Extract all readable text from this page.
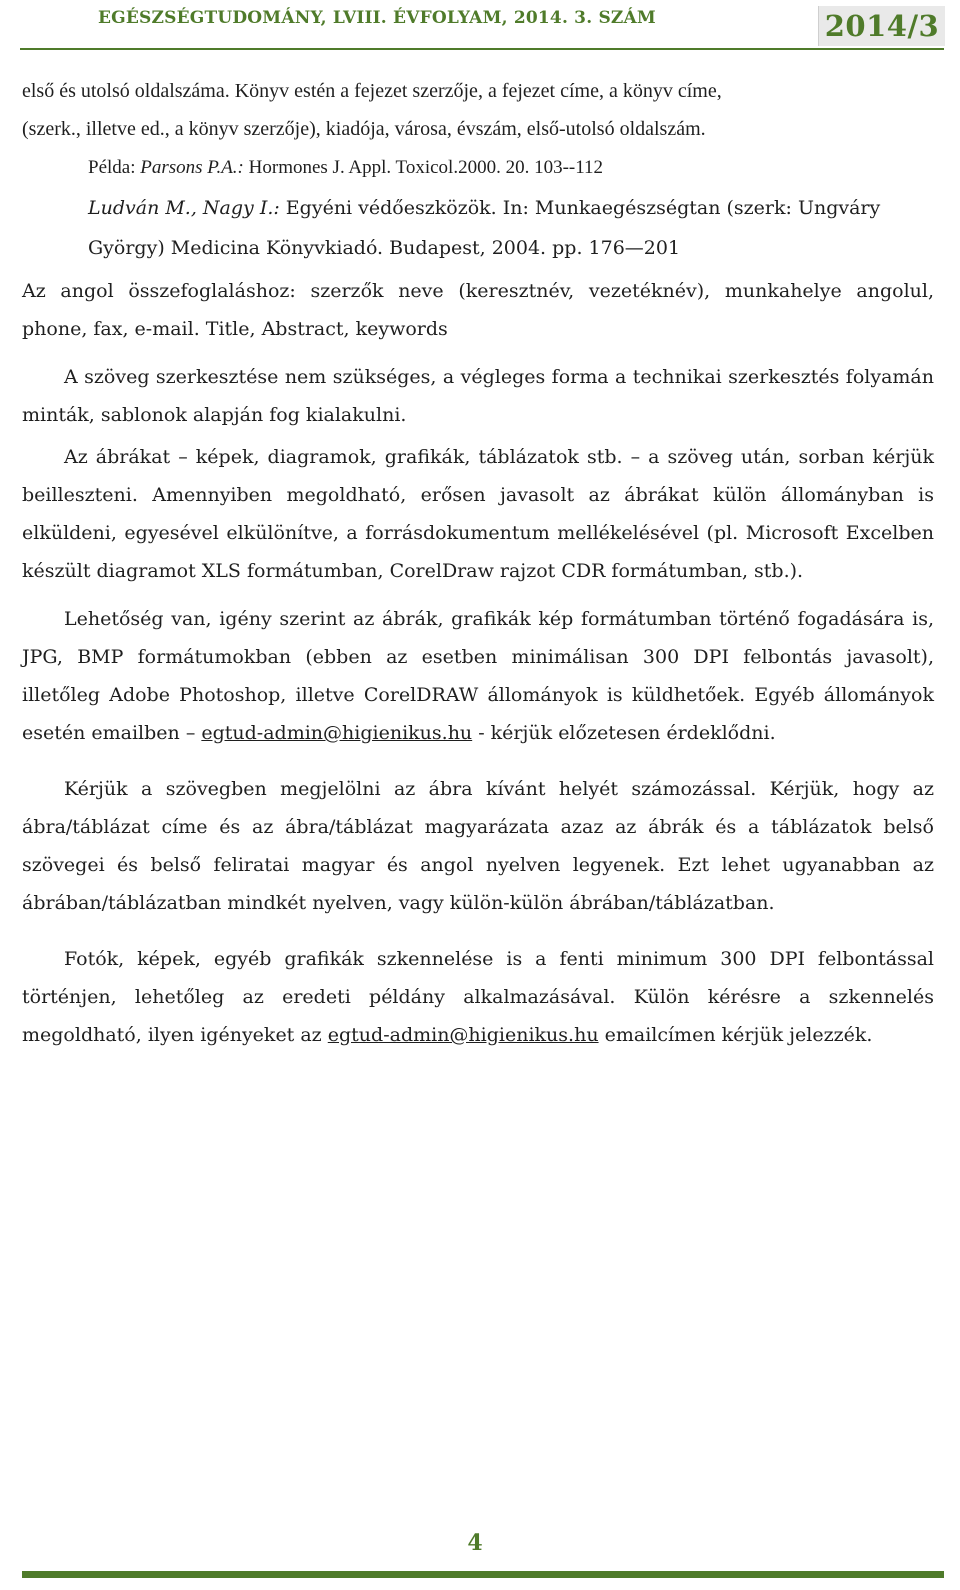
EGÉSZSÉGTUDOMÁNY, LVIII. ÉVFOLYAM, 2014. 3. SZÁM	2014/3

első és utolsó oldalszáma. Könyv estén a fejezet szerzője, a fejezet címe, a könyv címe,
(szerk., illetve ed., a könyv szerzője), kiadója, városa, évszám, első-utolsó oldalszám.

Példa: Parsons P.A.: Hormones J. Appl. Toxicol.2000. 20. 103--112

Ludván M., Nagy I.: Egyéni védőeszközök. In: Munkaegészségtan (szerk: Ungváry
György) Medicina Könyvkiadó. Budapest, 2004. pp. 176—201

Az angol összefoglaláshoz: szerzők neve (keresztnév, vezetéknév), munkahelye angolul, phone, fax, e-mail. Title, Abstract, keywords

A szöveg szerkesztése nem szükséges, a végleges forma a technikai szerkesztés folyamán minták, sablonok alapján fog kialakulni.

Az ábrákat – képek, diagramok, grafikák, táblázatok stb. – a szöveg után, sorban kérjük beilleszteni. Amennyiben megoldható, erősen javasolt az ábrákat külön állományban is elküldeni, egyesével elkülönítve, a forrásdokumentum mellékelésével (pl. Microsoft Excelben készült diagramot XLS formátumban, CorelDraw rajzot CDR formátumban, stb.).

Lehetőség van, igény szerint az ábrák, grafikák kép formátumban történő fogadására is, JPG, BMP formátumokban (ebben az esetben minimálisan 300 DPI felbontás javasolt), illetőleg Adobe Photoshop, illetve CorelDRAW állományok is küldhetőek. Egyéb állományok esetén emailben – egtud-admin@higienikus.hu - kérjük előzetesen érdeklődni.

Kérjük a szövegben megjelölni az ábra kívánt helyét számozással. Kérjük, hogy az ábra/táblázat címe és az ábra/táblázat magyarázata azaz az ábrák és a táblázatok belső szövegei és belső feliratai magyar és angol nyelven legyenek. Ezt lehet ugyanabban az ábrában/táblázatban mindkét nyelven, vagy külön-külön ábrában/táblázatban.

Fotók, képek, egyéb grafikák szkennelése is a fenti minimum 300 DPI felbontással történjen, lehetőleg az eredeti példány alkalmazásával. Külön kérésre a szkennelés megoldható, ilyen igényeket az egtud-admin@higienikus.hu emailcímen kérjük jelezzék.

4
